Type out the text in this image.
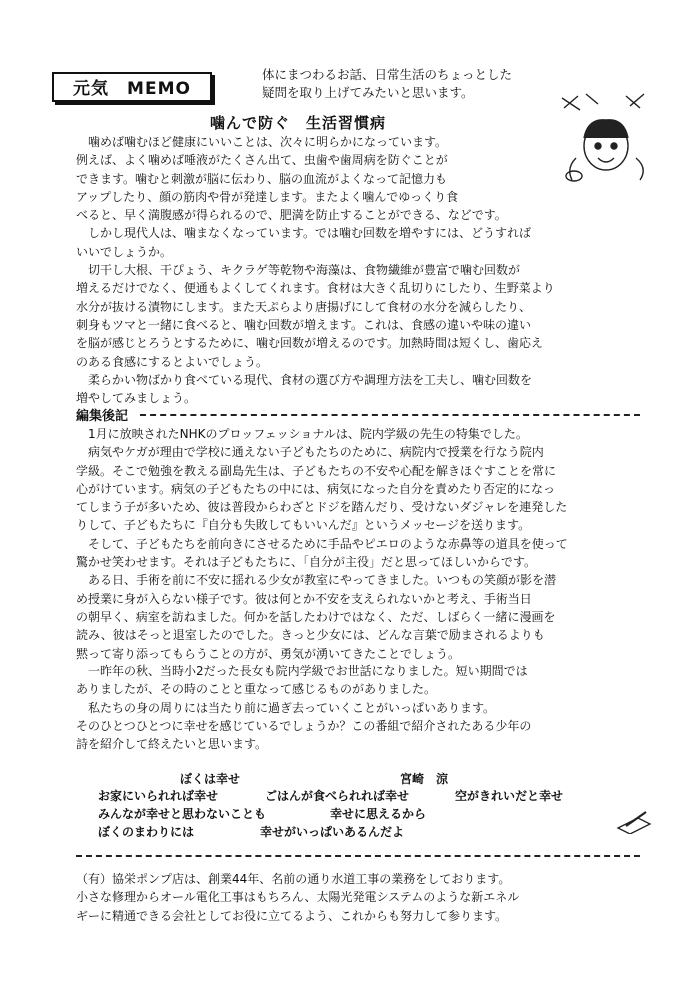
元気　MEMO
体にまつわるお話、日常生活のちょっとした
疑問を取り上げてみたいと思います。
噛んで防ぐ　生活習慣病
　噛めば噛むほど健康にいいことは、次々に明らかになっています。
例えば、よく噛めば唾液がたくさん出て、虫歯や歯周病を防ぐことが
できます。噛むと刺激が脳に伝わり、脳の血流がよくなって記憶力も
アップしたり、顔の筋肉や骨が発達します。またよく噛んでゆっくり食
べると、早く満腹感が得られるので、肥満を防止することができる、などです。
　しかし現代人は、噛まなくなっています。では噛む回数を増やすには、どうすれば
いいでしょうか。
　切干し大根、干ぴょう、キクラゲ等乾物や海藻は、食物繊維が豊富で噛む回数が
増えるだけでなく、便通もよくしてくれます。食材は大きく乱切りにしたり、生野菜より
水分が抜ける漬物にします。また天ぷらより唐揚げにして食材の水分を減らしたり、
刺身もツマと一緒に食べると、噛む回数が増えます。これは、食感の違いや味の違い
を脳が感じとろうとするために、噛む回数が増えるのです。加熱時間は短くし、歯応え
のある食感にするとよいでしょう。
　柔らかい物ばかり食べている現代、食材の選び方や調理方法を工夫し、噛む回数を
増やしてみましょう。
編集後記
　1月に放映されたNHKのプロッフェッショナルは、院内学級の先生の特集でした。
　病気やケガが理由で学校に通えない子どもたちのために、病院内で授業を行なう院内
学級。そこで勉強を教える副島先生は、子どもたちの不安や心配を解きほぐすことを常に
心がけています。病気の子どもたちの中には、病気になった自分を責めたり否定的になっ
てしまう子が多いため、彼は普段からわざとドジを踏んだり、受けないダジャレを連発した
りして、子どもたちに『自分も失敗してもいいんだ』というメッセージを送ります。
　そして、子どもたちを前向きにさせるために手品やピエロのような赤鼻等の道具を使って
驚かせ笑わせます。それは子どもたちに、「自分が主役」だと思ってほしいからです。
　ある日、手術を前に不安に揺れる少女が教室にやってきました。いつもの笑顔が影を潜
め授業に身が入らない様子です。彼は何とか不安を支えられないかと考え、手術当日
の朝早く、病室を訪ねました。何かを話したわけではなく、ただ、しばらく一緒に漫画を
読み、彼はそっと退室したのでした。きっと少女には、どんな言葉で励まされるよりも
黙って寄り添ってもらうことの方が、勇気が湧いてきたことでしょう。
　一昨年の秋、当時小2だった長女も院内学級でお世話になりました。短い期間では
ありましたが、その時のことと重なって感じるものがありました。
　私たちの身の周りには当たり前に過ぎ去っていくことがいっぱいあります。
そのひとつひとつに幸せを感じているでしょうか？この番組で紹介されたある少年の
詩を紹介して終えたいと思います。
ぼくは幸せ	宮崎　涼
お家にいられれば幸せ	ごはんが食べられれば幸せ	空がきれいだと幸せ
みんなが幸せと思わないことも	幸せに思えるから
ぼくのまわりには	幸せがいっぱいあるんだよ
（有）協栄ポンプ店は、創業44年、名前の通り水道工事の業務をしております。
小さな修理からオール電化工事はもちろん、太陽光発電システムのような新エネル
ギーに精通できる会社としてお役に立てるよう、これからも努力して参ります。
